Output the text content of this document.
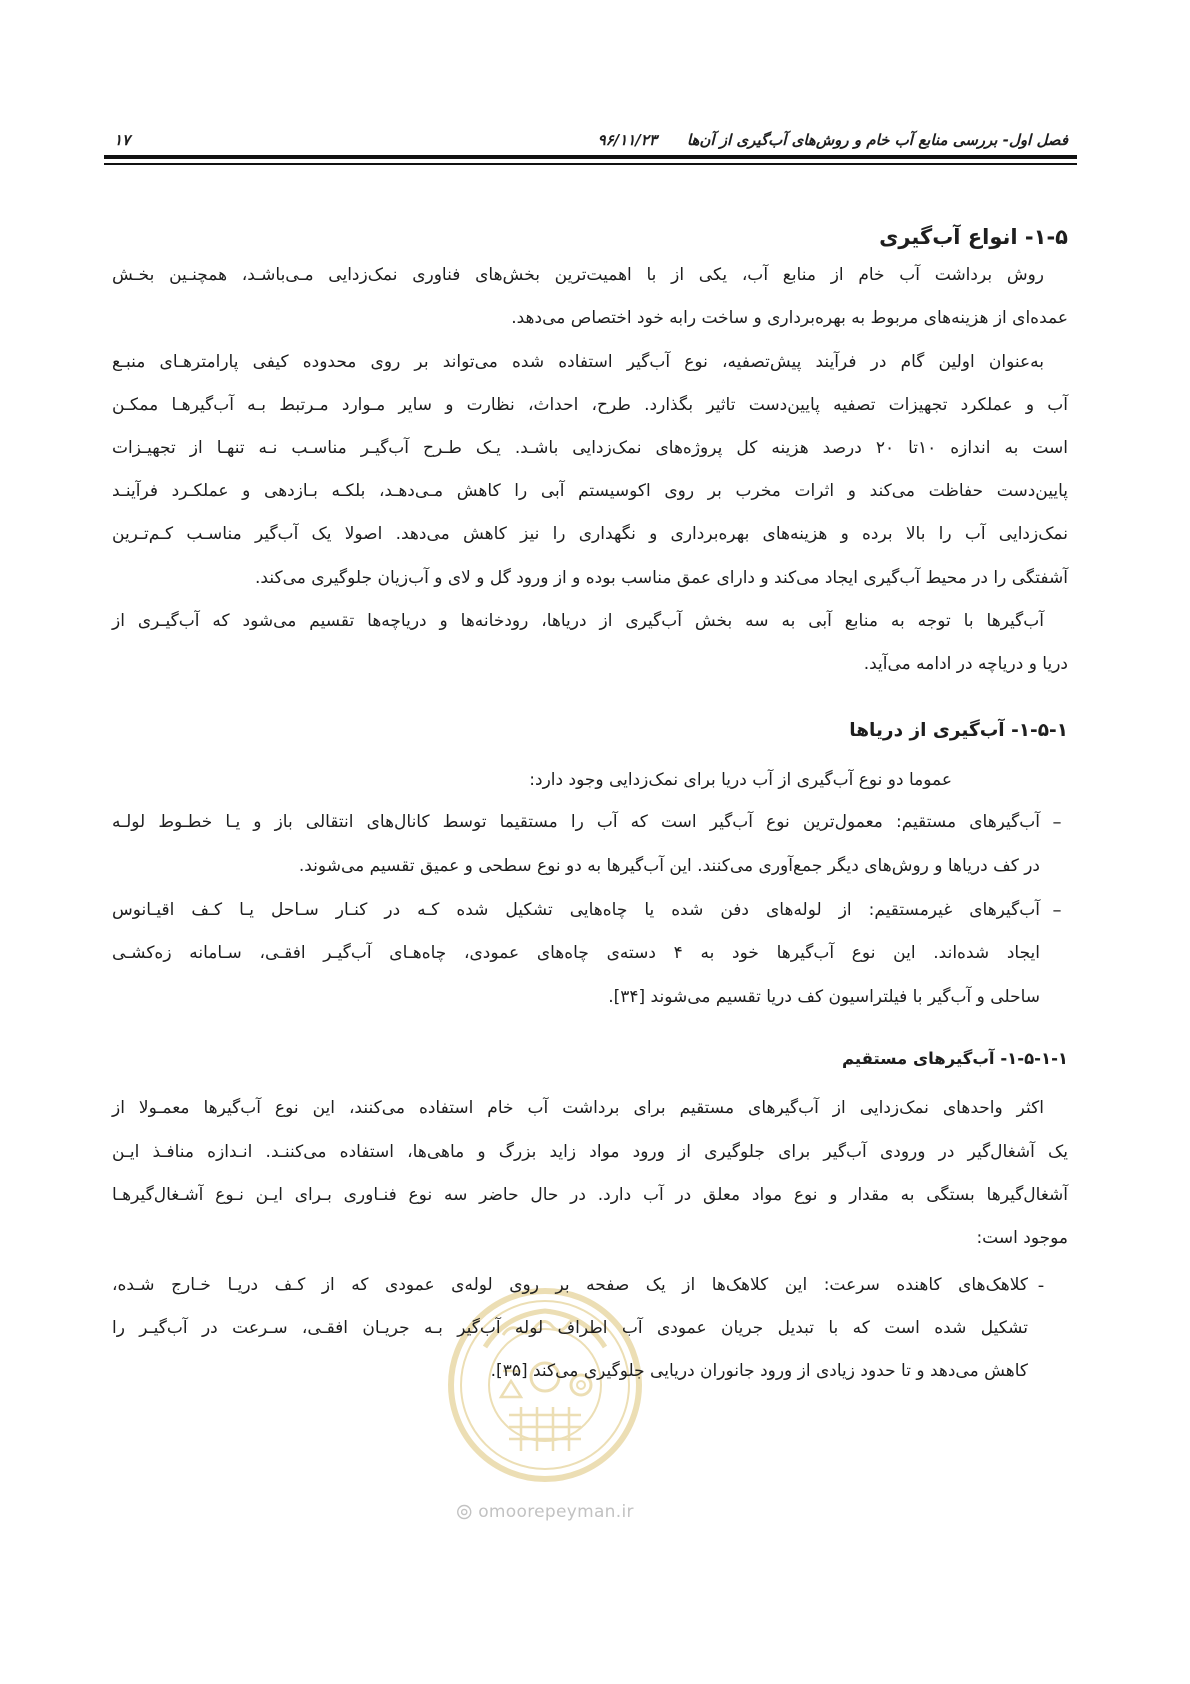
فصل اول- بررسی منابع آب خام و روش‌های آب‌گیری از آن‌ها
۹۶/۱۱/۲۳
۱۷
omoorepeyman.ir
۱-۵- انواع آب‌گیری
روش برداشت آب خام از منابع آب، یکی از با اهمیت‌ترین بخش‌های فناوری نمک‌زدایی مـی‌باشـد، همچنـین بخـش
عمده‌ای از هزینه‌های مربوط به بهره‌برداری و ساخت رابه خود اختصاص می‌دهد.
به‌عنوان اولین گام در فرآیند پیش‌تصفیه، نوع آب‌گیر استفاده شده می‌تواند بر روی محدوده کیفی پارامترهـای منبـع
آب و عملکرد تجهیزات تصفیه پایین‌دست تاثیر بگذارد. طرح، احداث، نظارت و سایر مـوارد مـرتبط بـه آب‌گیرهـا ممکـن
است به اندازه ۱۰تا ۲۰ درصد هزینه کل پروژه‌های نمک‌زدایی باشـد. یـک طـرح آب‌گیـر مناسـب نـه تنهـا از تجهیـزات
پایین‌دست حفاظت می‌کند و اثرات مخرب بر روی اکوسیستم آبی را کاهش مـی‌دهـد، بلکـه بـازدهی و عملکـرد فرآینـد
نمک‌زدایی آب را بالا برده و هزینه‌های بهره‌برداری و نگهداری را نیز کاهش می‌دهد. اصولا یک آب‌گیر مناسـب کـم‌تـرین
آشفتگی را در محیط آب‌گیری ایجاد می‌کند و دارای عمق مناسب بوده و از ورود گل و لای و آب‌زیان جلوگیری می‌کند.
آب‌گیرها با توجه به منابع آبی به سه بخش آب‌گیری از دریاها، رودخانه‌ها و دریاچه‌ها تقسیم می‌شود که آب‌گیـری از
دریا و دریاچه در ادامه می‌آید.
۱-۵-۱- آب‌گیری از دریاها
عموما دو نوع آب‌گیری از آب دریا برای نمک‌زدایی وجود دارد:
–
آب‌گیرهای مستقیم: معمول‌ترین نوع آب‌گیر است که آب را مستقیما توسط کانال‌های انتقالی باز و یـا خطـوط لولـه
در کف دریاها و روش‌های دیگر جمع‌آوری می‌کنند. این آب‌گیرها به دو نوع سطحی و عمیق تقسیم می‌شوند.
–
آب‌گیرهای غیرمستقیم: از لوله‌های دفن شده یا چاه‌هایی تشکیل شده کـه در کنـار سـاحل یـا کـف اقیـانوس
ایجاد شده‌اند. این نوع آب‌گیرها خود به ۴ دسته‌ی چاه‌های عمودی، چاه‌هـای آب‌گیـر افقـی، سـامانه زه‌کشـی
ساحلی و آب‌گیر با فیلتراسیون کف دریا تقسیم می‌شوند [۳۴].
۱-۵-۱-۱- آب‌گیرهای مستقیم
اکثر واحدهای نمک‌زدایی از آب‌گیرهای مستقیم برای برداشت آب خام استفاده می‌کنند، این نوع آب‌گیرها معمـولا از
یک آشغال‌گیر در ورودی آب‌گیر برای جلوگیری از ورود مواد زاید بزرگ و ماهی‌ها، استفاده می‌کننـد. انـدازه منافـذ ایـن
آشغال‌گیرها بستگی به مقدار و نوع مواد معلق در آب دارد. در حال حاضر سه نوع فنـاوری بـرای ایـن نـوع آشـغال‌گیرهـا
موجود است:
-
کلاهک‌های کاهنده سرعت: این کلاهک‌ها از یک صفحه بر روی لوله‌ی عمودی که از کـف دریـا خـارج شـده،
تشکیل شده است که با تبدیل جریان عمودی آب اطراف لوله آب‌گیر بـه جریـان افقـی، سـرعت در آب‌گیـر را
کاهش می‌دهد و تا حدود زیادی از ورود جانوران دریایی جلوگیری می‌کند [۳۵].
